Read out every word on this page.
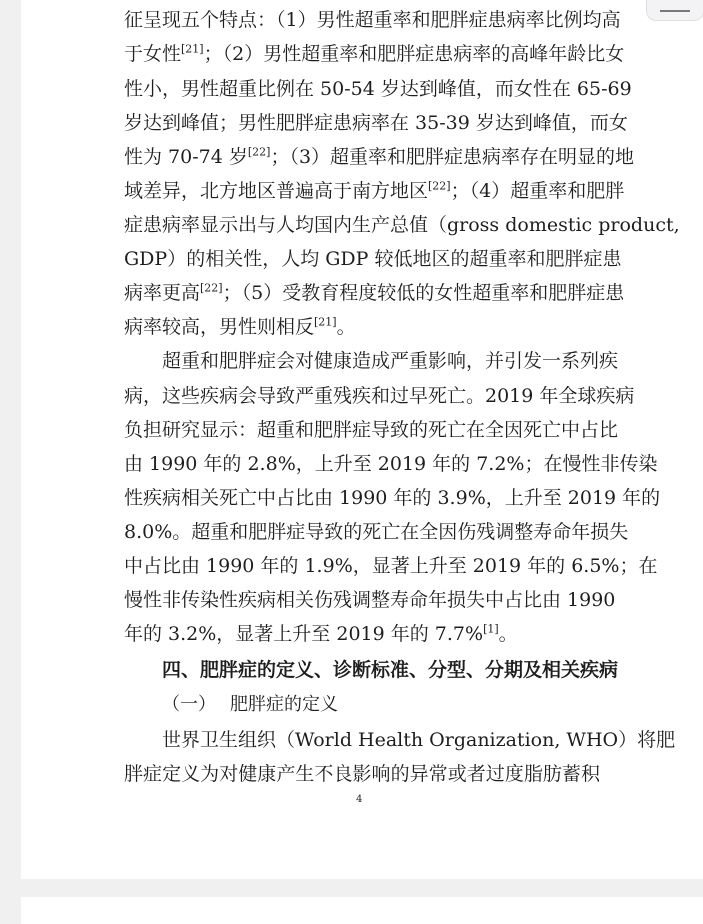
征呈现五个特点：（1）男性超重率和肥胖症患病率比例均高
于女性[21]；（2）男性超重率和肥胖症患病率的高峰年龄比女
性小，男性超重比例在 50-54 岁达到峰值，而女性在 65-69
岁达到峰值；男性肥胖症患病率在 35-39 岁达到峰值，而女
性为 70-74 岁[22]；（3）超重率和肥胖症患病率存在明显的地
域差异，北方地区普遍高于南方地区[22]；（4）超重率和肥胖
症患病率显示出与人均国内生产总值（gross domestic product,
GDP）的相关性，人均 GDP 较低地区的超重率和肥胖症患
病率更高[22]；（5）受教育程度较低的女性超重率和肥胖症患
病率较高，男性则相反[21]。
超重和肥胖症会对健康造成严重影响，并引发一系列疾
病，这些疾病会导致严重残疾和过早死亡。2019 年全球疾病
负担研究显示：超重和肥胖症导致的死亡在全因死亡中占比
由 1990 年的 2.8%，上升至 2019 年的 7.2%；在慢性非传染
性疾病相关死亡中占比由 1990 年的 3.9%，上升至 2019 年的
8.0%。超重和肥胖症导致的死亡在全因伤残调整寿命年损失
中占比由 1990 年的 1.9%，显著上升至 2019 年的 6.5%；在
慢性非传染性疾病相关伤残调整寿命年损失中占比由 1990
年的 3.2%，显著上升至 2019 年的 7.7%[1]。
四、肥胖症的定义、诊断标准、分型、分期及相关疾病
（一） 肥胖症的定义
世界卫生组织（World Health Organization, WHO）将肥
胖症定义为对健康产生不良影响的异常或者过度脂肪蓄积
4
